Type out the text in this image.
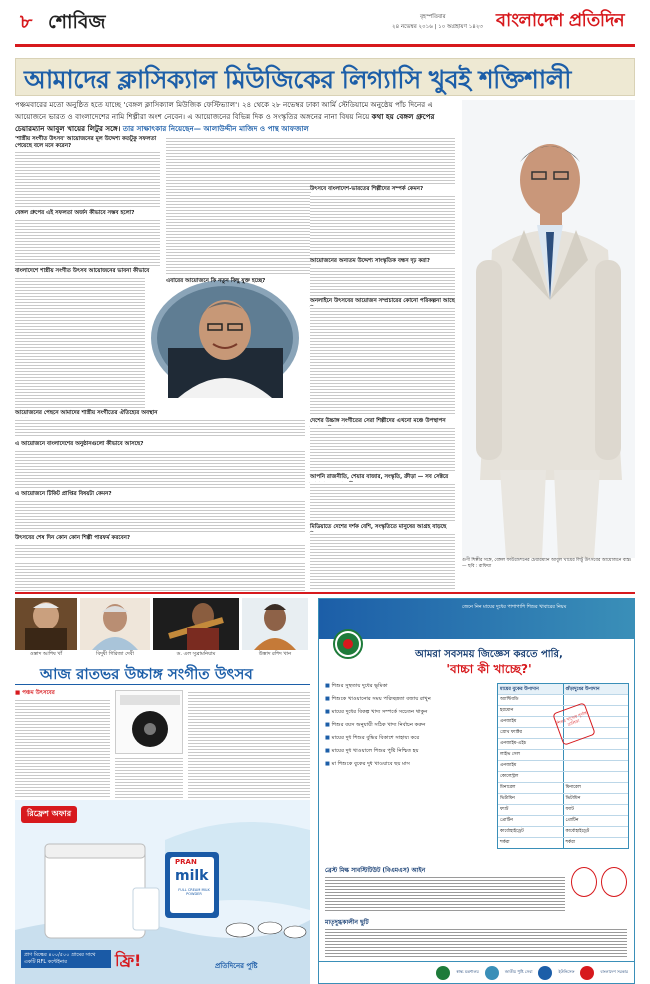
৮ শোবিজ	বৃহস্পতিবার
২৪ নভেম্বর ২০১৬ | ১০ অগ্রহায়ণ ১৪২৩ বাংলাদেশ প্রতিদিন
আমাদের ক্লাসিক্যাল মিউজিকের লিগ্যাসি খুবই শক্তিশালী
পঞ্চমবারের মতো অনুষ্ঠিত হতে যাচ্ছে 'বেঙ্গল ক্লাসিক্যাল মিউজিক ফেস্টিভ্যাল'। ২৪ থেকে ২৮ নভেম্বর ঢাকা আর্মি স্টেডিয়ামে অনুষ্ঠেয় পাঁচ দিনের এ আয়োজনে ভারত ও বাংলাদেশের নামি শিল্পীরা অংশ নেবেন। এ আয়োজনের বিভিন্ন দিক ও সংস্কৃতির অঙ্গনের নানা বিষয় নিয়ে কথা হয় বেঙ্গল গ্রুপের চেয়ারম্যান আবুল খায়ের লিটুর সঙ্গে। তার সাক্ষাৎকার নিয়েছেন— আলাউদ্দীন মাজিদ ও পান্থ আফজাল
'শাস্ত্রীয় সংগীত উৎসব' আয়োজনের মূল উদ্দেশ্য কতটুকু সফলতা পেয়েছে বলে মনে করেন?
বেঙ্গল গ্রুপের এই সফলতা অর্জন কীভাবে সম্ভব হলো?
বাংলাদেশে শাস্ত্রীয় সংগীত উৎসব আয়োজনের ভাবনা কীভাবে
আয়োজনের পেছনে আমাদের শাস্ত্রীয় সংগীতের ঐতিহ্যের অবস্থান
এ আয়োজনে বাংলাদেশের অনুষ্ঠানগুলো কীভাবে আসছে?
এ আয়োজনে টিকিট প্রাপ্তির বিষয়টা কেমন?
উৎসবের শেষ দিন কোন কোন শিল্পী পারফর্ম করবেন?
এবারের আয়োজনে কি নতুন কিছু যুক্ত হচ্ছে?
উৎসবে বাংলাদেশ-ভারতের শিল্পীদের সম্পর্ক কেমন?
আয়োজনের অন্যতম উদ্দেশ্য সাংস্কৃতিক বন্ধন দৃঢ় করা?
অনলাইনে উৎসবের আয়োজন সম্প্রচারের কোনো পরিকল্পনা আছে
দেশের উচ্চাঙ্গ সংগীতের সেরা শিল্পীদের এখনো মঞ্চে উপস্থাপন
আপনি রাজনীতি, শেয়ার বাজার, সংস্কৃতি, ক্রীড়া — সব সেক্টরে
মিডিয়াতে দেশের দর্শক বেশি, সংস্কৃতিতে মানুষের আগ্রহ বাড়ছে
গুণী শিল্পীর সঙ্গে, বেঙ্গল ফাউন্ডেশনের চেয়ারম্যান আবুল খায়ের লিটু উৎসবের আয়োজনে ব্যস্ত। — ছবি : রাফিয়া
ওস্তাদ আশিষ খাঁ	বিদুষী গিরিজা দেবী	ড. এল সুব্রামনিয়াম	উস্তাদ রশিদ খান
আজ রাতভর উচ্চাঙ্গ সংগীত উৎসব
■ পঞ্চম উৎসবের
রিফ্রেশ অফার
PRAN
milk
FULL CREAM MILK POWDER
প্রাণ মিল্কের ৪০০/৫০০ গ্রামের সাথে একটি RFL কন্টেইনার	ফ্রি!	প্রতিদিনের পুষ্টি
জেনে নিন মায়ের দুধের পাশাপাশি শিশুর খাবারের নিয়ম
আমরা সবসময় জিজ্ঞেস করতে পারি,
'বাচ্চা কী খাচ্ছে?'
■ শিশুর সুস্থতায় দুধের ভূমিকা
■ শিশুকে খাওয়ানোর সময় পরিচ্ছন্নতা বজায় রাখুন
■ মায়ের দুধের বিকল্প খাদ্য সম্পর্কে সচেতন থাকুন
■ শিশুর বয়স অনুযায়ী সঠিক খাদ্য নির্বাচন করুন
■ মায়ের দুধ শিশুর বুদ্ধির বিকাশে সাহায্য করে
■ মায়ের দুধ খাওয়ালে শিশুর পুষ্টি নিশ্চিত হয়
■ মা শিশুকে বুকের দুধ খাওয়াবে ছয় মাস
মায়ের বুকের উপাদান	গুঁড়াদুধের উপাদান
অ্যান্টিবডি
হরমোন
এনজাইম
গ্রোথ ফ্যাক্টর
এনজাইম-এইচ
লাইভ সেল
এনজাইম
কোলেস্ট্রল
মিনারেল	মিনারেল
ভিটামিন	ভিটামিন
ফ্যাট	ফ্যাট
প্রোটিন	প্রোটিন
কার্বোহাইড্রেট	কার্বোহাইড্রেট
শর্করা	শর্করা
শিশুর খাদ্যের পূর্ণাঙ্গ তালিকা
ব্রেস্ট মিল্ক সাবস্টিটিউট (বিএমএস) আইন
মাতৃদুগ্ধকালীন ছুটি
স্বাস্থ্য মন্ত্রণালয়	জাতীয় পুষ্টি সেবা	ইউনিসেফ	বাংলাদেশ সরকার
